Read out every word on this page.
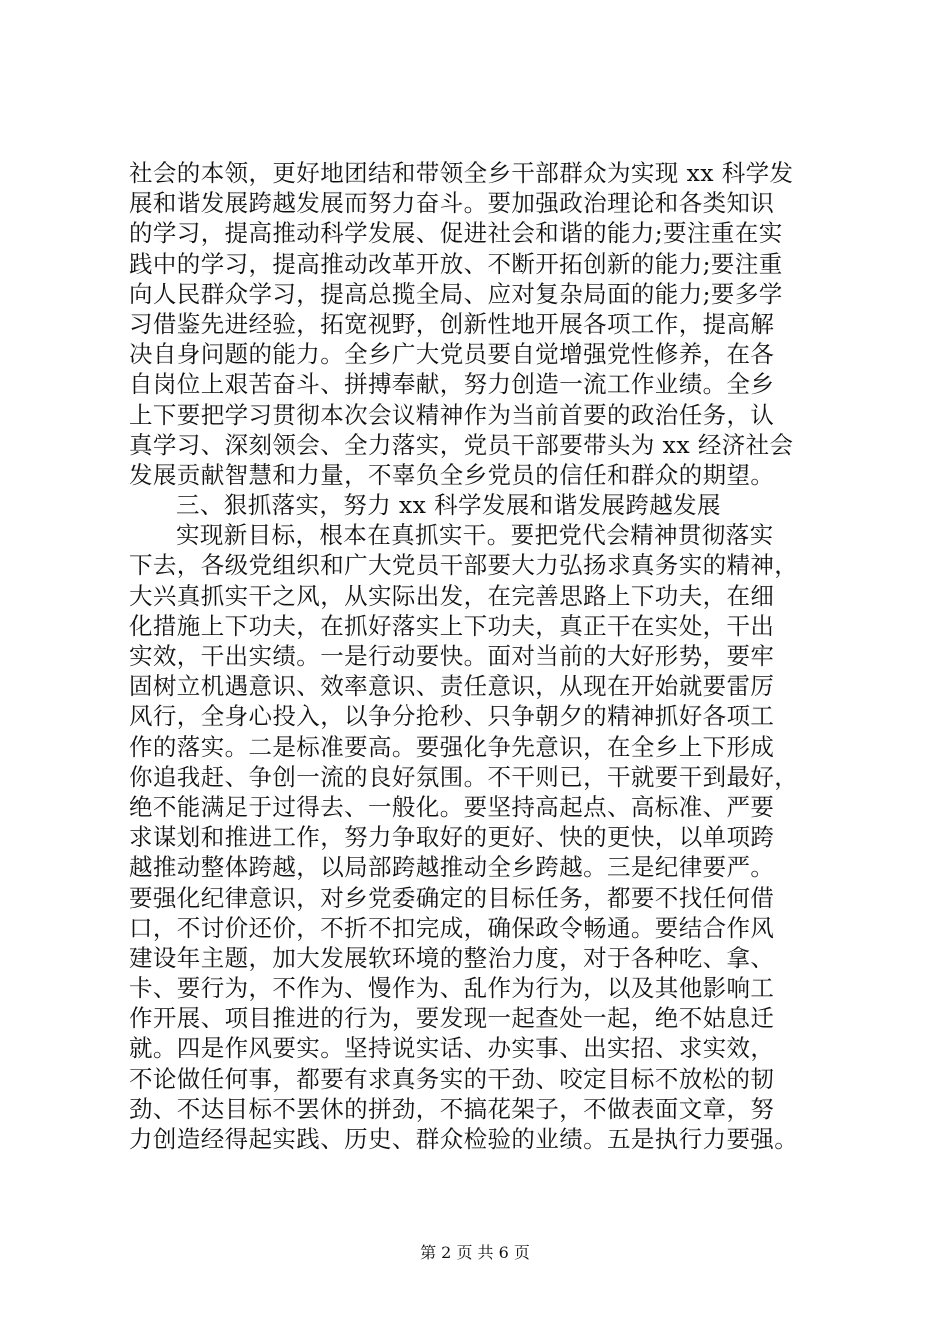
社会的本领，更好地团结和带领全乡干部群众为实现 xx 科学发
展和谐发展跨越发展而努力奋斗。要加强政治理论和各类知识
的学习，提高推动科学发展、促进社会和谐的能力;要注重在实
践中的学习，提高推动改革开放、不断开拓创新的能力;要注重
向人民群众学习，提高总揽全局、应对复杂局面的能力;要多学
习借鉴先进经验，拓宽视野，创新性地开展各项工作，提高解
决自身问题的能力。全乡广大党员要自觉增强党性修养，在各
自岗位上艰苦奋斗、拼搏奉献，努力创造一流工作业绩。全乡
上下要把学习贯彻本次会议精神作为当前首要的政治任务，认
真学习、深刻领会、全力落实，党员干部要带头为 xx 经济社会
发展贡献智慧和力量，不辜负全乡党员的信任和群众的期望。
三、狠抓落实，努力 xx 科学发展和谐发展跨越发展
实现新目标，根本在真抓实干。要把党代会精神贯彻落实
下去，各级党组织和广大党员干部要大力弘扬求真务实的精神，
大兴真抓实干之风，从实际出发，在完善思路上下功夫，在细
化措施上下功夫，在抓好落实上下功夫，真正干在实处，干出
实效，干出实绩。一是行动要快。面对当前的大好形势，要牢
固树立机遇意识、效率意识、责任意识，从现在开始就要雷厉
风行，全身心投入，以争分抢秒、只争朝夕的精神抓好各项工
作的落实。二是标准要高。要强化争先意识，在全乡上下形成
你追我赶、争创一流的良好氛围。不干则已，干就要干到最好，
绝不能满足于过得去、一般化。要坚持高起点、高标准、严要
求谋划和推进工作，努力争取好的更好、快的更快，以单项跨
越推动整体跨越，以局部跨越推动全乡跨越。三是纪律要严。
要强化纪律意识，对乡党委确定的目标任务，都要不找任何借
口，不讨价还价，不折不扣完成，确保政令畅通。要结合作风
建设年主题，加大发展软环境的整治力度，对于各种吃、拿、
卡、要行为，不作为、慢作为、乱作为行为，以及其他影响工
作开展、项目推进的行为，要发现一起查处一起，绝不姑息迁
就。四是作风要实。坚持说实话、办实事、出实招、求实效，
不论做任何事，都要有求真务实的干劲、咬定目标不放松的韧
劲、不达目标不罢休的拼劲，不搞花架子，不做表面文章，努
力创造经得起实践、历史、群众检验的业绩。五是执行力要强。
第 2 页 共 6 页
